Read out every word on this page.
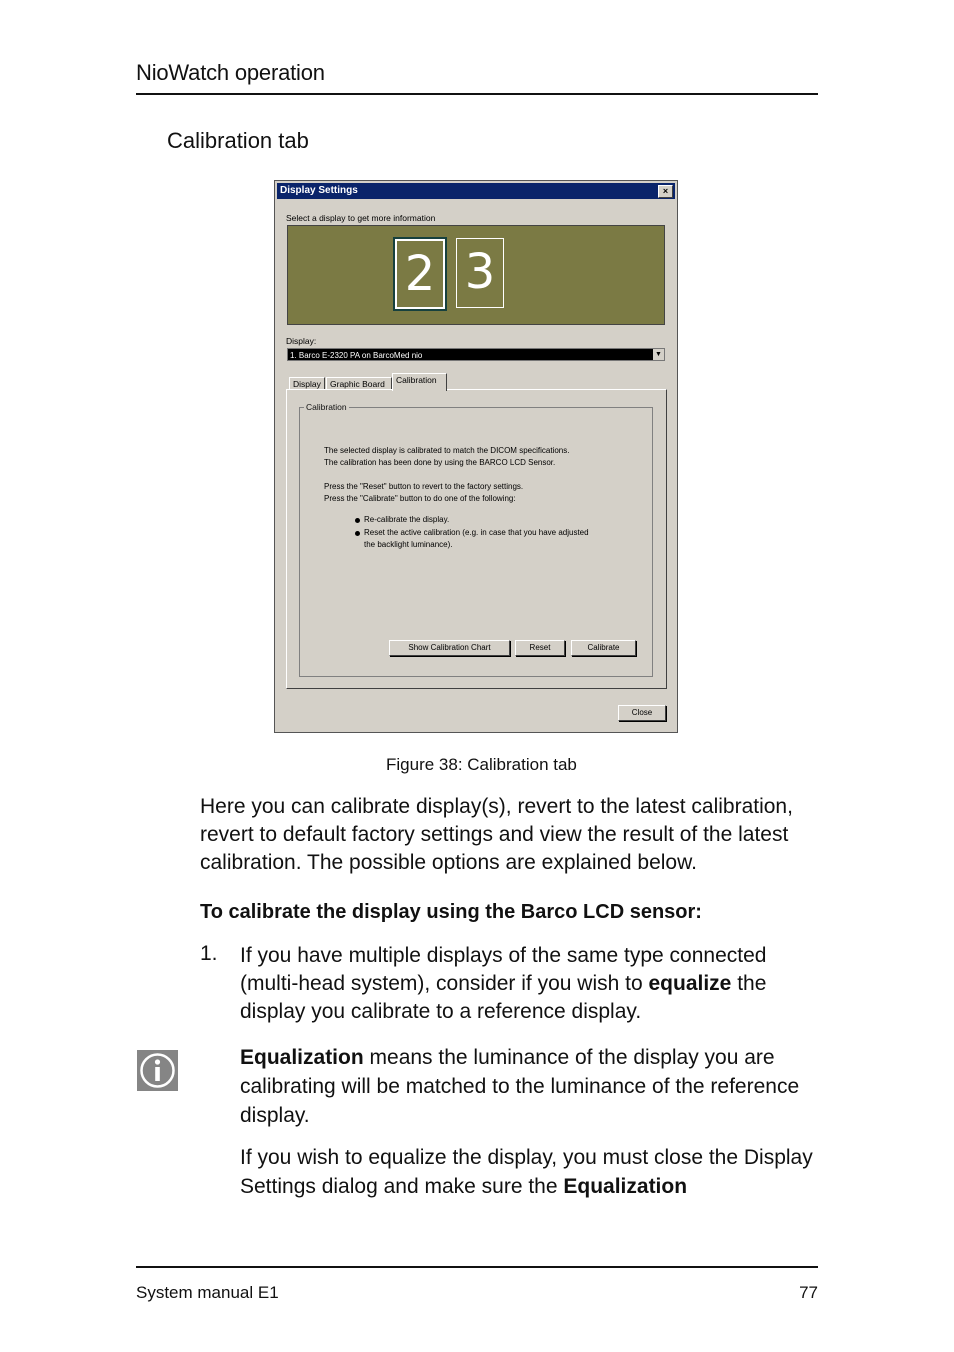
NioWatch operation
Calibration tab
Display Settings	×
Select a display to get more information
2 3
Display:
1. Barco E-2320 PA on BarcoMed nio	▼
Display	Graphic Board	Calibration
Calibration
The selected display is calibrated to match the DICOM specifications.
The calibration has been done by using the BARCO LCD Sensor.
Press the "Reset" button to revert to the factory settings.
Press the "Calibrate" button to do one of the following:
Re-calibrate the display.
Reset the active calibration (e.g. in case that you have adjusted
the backlight luminance).
Show Calibration Chart	Reset	Calibrate
Close
Figure 38: Calibration tab
Here you can calibrate display(s), revert to the latest calibration, revert to default factory settings and view the result of the latest calibration. The possible options are explained below.
To calibrate the display using the Barco LCD sensor:
1. If you have multiple displays of the same type connected (multi-head system), consider if you wish to equalize the display you calibrate to a reference display.
Equalization means the luminance of the display you are calibrating will be matched to the luminance of the reference display.
If you wish to equalize the display, you must close the Display Settings dialog and make sure the Equalization
System manual E1	77
